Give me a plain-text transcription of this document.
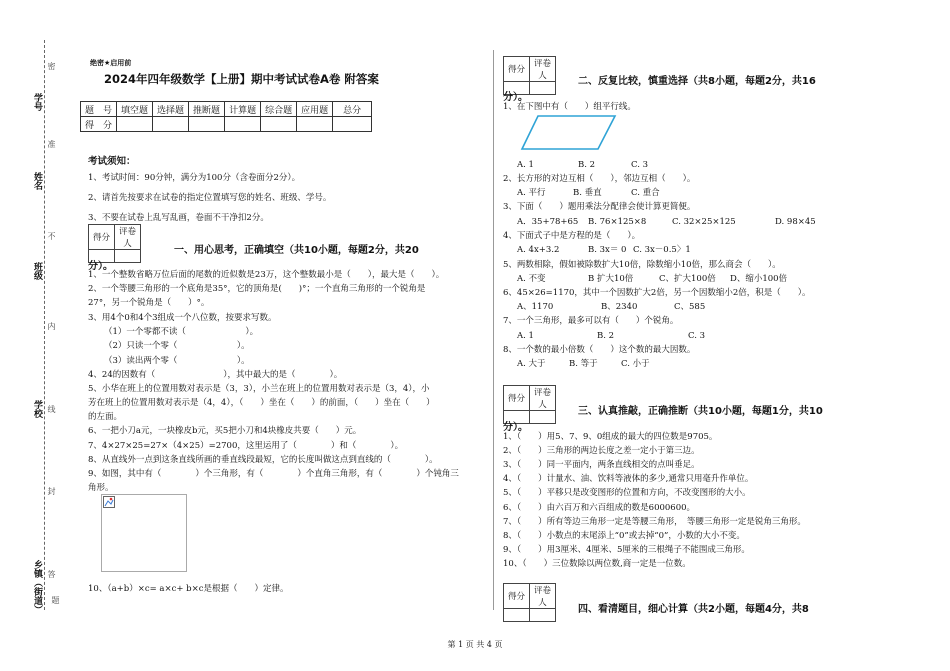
学号
姓名
班级
学校
乡镇（街道）
密
准
不
内
线
封
答
题
绝密★启用前
2024年四年级数学【上册】期中考试试卷A卷 附答案
题　号	填空题	选择题	推断题	计算题	综合题	应用题	总分
得　分							
考试须知：
1、考试时间：90分钟，满分为100分（含卷面分2分）。
2、请首先按要求在试卷的指定位置填写您的姓名、班级、学号。
3、不要在试卷上乱写乱画，卷面不干净扣2分。
得分	评卷人

一、用心思考，正确填空（共10小题，每题2分，共20
分）。
1、一个整数省略万位后面的尾数的近似数是23万，这个整数最小是（　　），最大是（　　）。
2、一个等腰三角形的一个底角是35°，它的顶角是(　　)°；一个直角三角形的一个锐角是
27°，另一个锐角是（　　）°。
3、用4个0和4个3组成一个八位数，按要求写数。
（1）一个零都不读（　　　　　　　）。
（2）只读一个零（　　　　　　　）。
（3）读出两个零（　　　　　　　）。
4、24的因数有（　　　　　　　　），其中最大的是（　　　　）。
5、小华在班上的位置用数对表示是（3，3），小兰在班上的位置用数对表示是（3，4），小
芳在班上的位置用数对表示是（4，4），（　　）坐在（　　）的前面，（　　）坐在（　　）
的左面。
6、一把小刀a元，一块橡皮b元，买5把小刀和4块橡皮共要（　　）元。
7、4×27×25=27×（4×25）=2700，这里运用了（　　　　）和（　　　　）。
8、从直线外一点到这条直线所画的垂直线段最短，它的长度叫做这点到直线的（　　　　）。
9、如图，其中有（　　　　）个三角形，有（　　　　）个直角三角形，有（　　　　）个钝角三
角形。
10、（a+b）×c= a×c+ b×c是根据（　　）定律。
得分	评卷人
		二、反复比较，慎重选择（共8小题，每题2分，共16
分）。
1、在下图中有（　　）组平行线。
A. 1	B. 2	C. 3
2、长方形的对边互相（　　），邻边互相（　　）。
A. 平行	B. 垂直	C. 重合
3、下面（　　）题用乘法分配律会使计算更简便。
A．35+78+65 B. 76×125×8	C. 32×25×125	D. 98×45
4、下面式子中是方程的是（　　）。
A. 4x+3.2	B. 3x＝ 0 C. 3x－0.5〉1
5、两数相除，假如被除数扩大10倍，除数缩小10倍，那么商会（　　）。
A. 不变	B 扩大10倍	C、扩大100倍 D、缩小100倍
6、45×26=1170，其中一个因数扩大2倍，另一个因数缩小2倍，积是（　　）。
A、1170	B、2340	C、585
7、一个三角形，最多可以有（　　）个锐角。
A. 1	B. 2	C. 3
8、一个数的最小倍数（　　）这个数的最大因数。
A. 大于	B. 等于	C. 小于
得分	评卷人

三、认真推敲，正确推断（共10小题，每题1分，共10
分）。
1、（　　）用5、7、9、0组成的最大的四位数是9705。
2、（　　）三角形的两边长度之差一定小于第三边。
3、（　　）同一平面内，两条直线相交的点叫垂足。
4、（　　）计量水、油、饮料等液体的多少,通常只用毫升作单位。
5、（　　）平移只是改变图形的位置和方向，不改变图形的大小。
6、（　　）由六百万和六百组成的数是6000600。
7、（　　）所有等边三角形一定是等腰三角形，　等腰三角形一定是锐角三角形。
8、（　　）小数点的末尾添上“0”或去掉“0”，小数的大小不变。
9、（　　）用3厘米、4厘米、5厘米的三根绳子不能围成三角形。
10、（　　）三位数除以两位数,商一定是一位数。
得分	评卷人

四、看清题目，细心计算（共2小题，每题4分，共8
第 1 页 共 4 页
